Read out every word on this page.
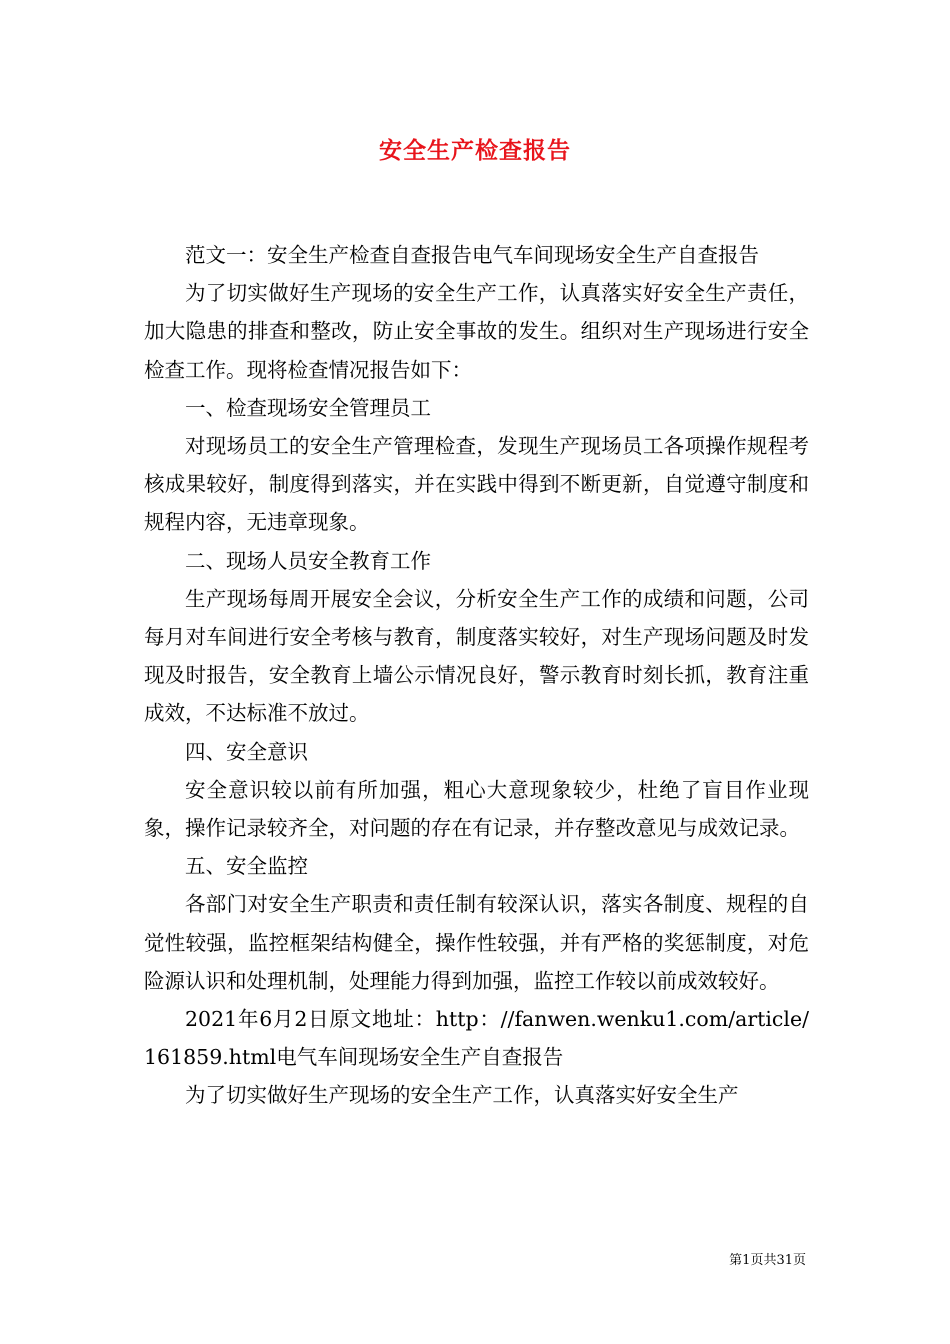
安全生产检查报告

范文一：安全生产检查自查报告电气车间现场安全生产自查报告

为了切实做好生产现场的安全生产工作，认真落实好安全生产责任，加大隐患的排查和整改，防止安全事故的发生。组织对生产现场进行安全检查工作。现将检查情况报告如下：

一、检查现场安全管理员工

对现场员工的安全生产管理检查，发现生产现场员工各项操作规程考核成果较好，制度得到落实，并在实践中得到不断更新，自觉遵守制度和规程内容，无违章现象。

二、现场人员安全教育工作

生产现场每周开展安全会议，分析安全生产工作的成绩和问题，公司每月对车间进行安全考核与教育，制度落实较好，对生产现场问题及时发现及时报告，安全教育上墙公示情况良好，警示教育时刻长抓，教育注重成效，不达标准不放过。

四、安全意识

安全意识较以前有所加强，粗心大意现象较少，杜绝了盲目作业现象，操作记录较齐全，对问题的存在有记录，并存整改意见与成效记录。

五、安全监控

各部门对安全生产职责和责任制有较深认识，落实各制度、规程的自觉性较强，监控框架结构健全，操作性较强，并有严格的奖惩制度，对危险源认识和处理机制，处理能力得到加强，监控工作较以前成效较好。

2021年6月2日原文地址：http：//fanwen.wenku1.com/article/161859.html电气车间现场安全生产自查报告

为了切实做好生产现场的安全生产工作，认真落实好安全生产

第1页共31页
